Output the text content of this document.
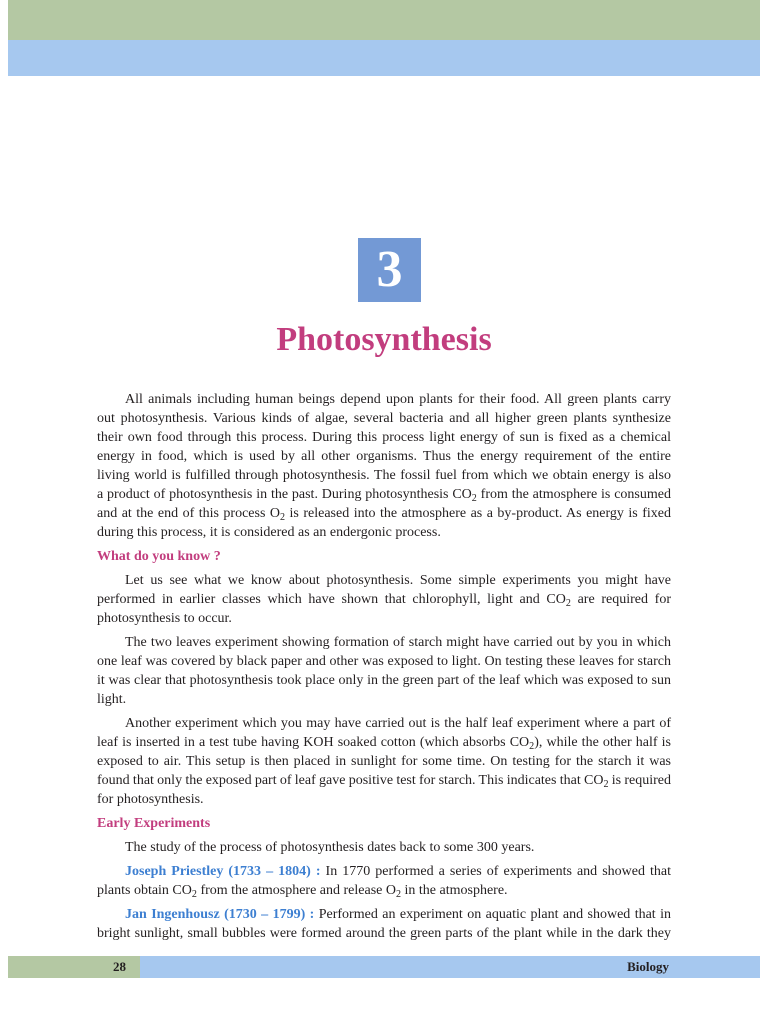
3
Photosynthesis
All animals including human beings depend upon plants for their food. All green plants carry
out photosynthesis. Various kinds of algae, several bacteria and all higher green plants synthesize
their own food through this process. During this process light energy of sun is fixed as a chemical
energy in food, which is used by all other organisms. Thus the energy requirement of the entire
living world is fulfilled through photosynthesis. The fossil fuel from which we obtain energy is also
a product of photosynthesis in the past. During photosynthesis $CO_2$ from the atmosphere is consumed
and at the end of this process $O_2$ is released into the atmosphere as a by-product. As energy is fixed
during this process, it is considered as an endergonic process.
What do you know ?
Let us see what we know about photosynthesis. Some simple experiments you might have
performed in earlier classes which have shown that chlorophyll, light and $CO_2$ are required for
photosynthesis to occur.
The two leaves experiment showing formation of starch might have carried out by you in which
one leaf was covered by black paper and other was exposed to light. On testing these leaves for starch
it was clear that photosynthesis took place only in the green part of the leaf which was exposed to sun
light.
Another experiment which you may have carried out is the half leaf experiment where a part of
leaf is inserted in a test tube having KOH soaked cotton (which absorbs $CO_2$), while the other half is
exposed to air. This setup is then placed in sunlight for some time. On testing for the starch it was
found that only the exposed part of leaf gave positive test for starch. This indicates that $CO_2$ is required
for photosynthesis.
Early Experiments
The study of the process of photosynthesis dates back to some 300 years.
Joseph Priestley (1733 – 1804) : In 1770 performed a series of experiments and showed that
plants obtain $CO_2$ from the atmosphere and release $O_2$ in the atmosphere.
Jan Ingenhousz (1730 – 1799) : Performed an experiment on aquatic plant and showed that in
bright sunlight, small bubbles were formed around the green parts of the plant while in the dark they
28	Biology
